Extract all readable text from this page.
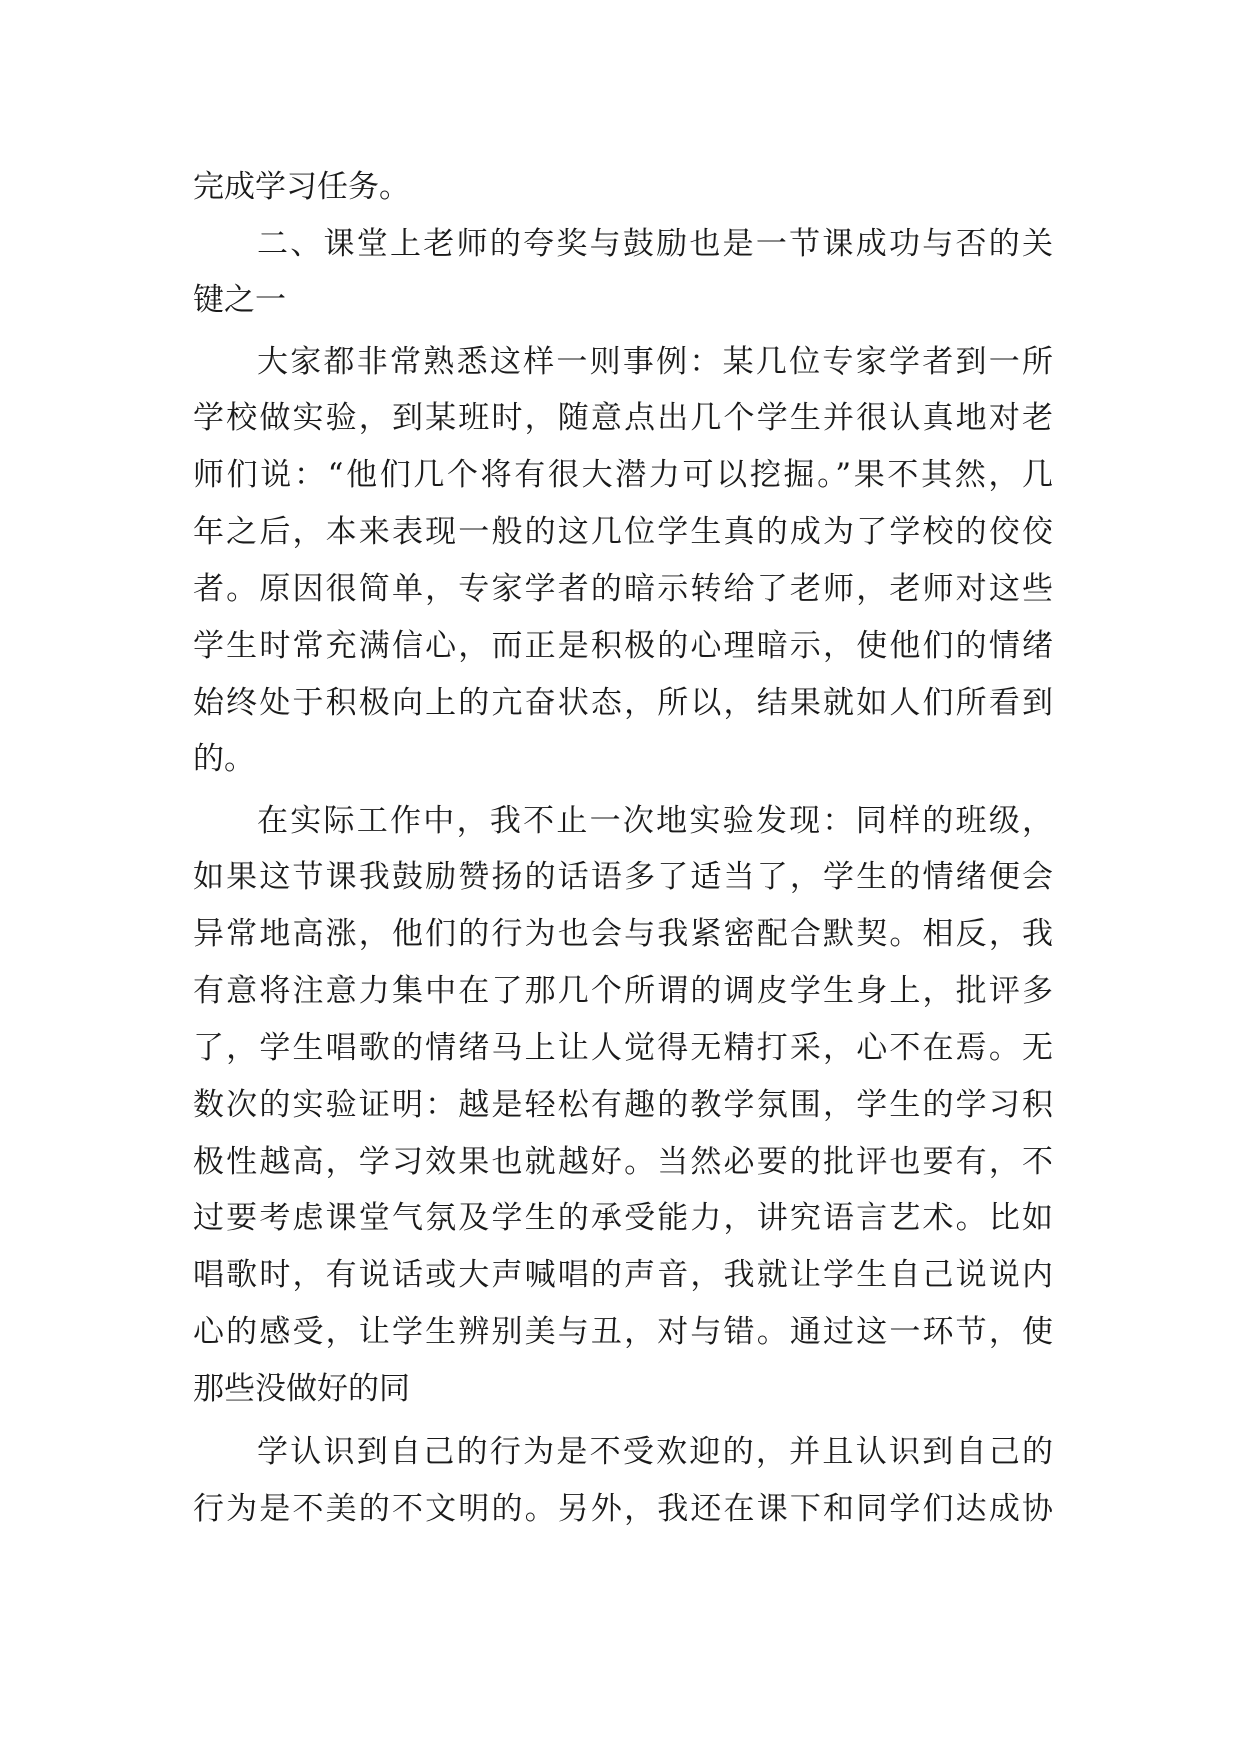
完成学习任务。
二、课堂上老师的夸奖与鼓励也是一节课成功与否的关
键之一
大家都非常熟悉这样一则事例：某几位专家学者到一所
学校做实验，到某班时，随意点出几个学生并很认真地对老
师们说：“他们几个将有很大潜力可以挖掘。”果不其然，几
年之后，本来表现一般的这几位学生真的成为了学校的佼佼
者。原因很简单，专家学者的暗示转给了老师，老师对这些
学生时常充满信心，而正是积极的心理暗示，使他们的情绪
始终处于积极向上的亢奋状态，所以，结果就如人们所看到
的。
在实际工作中，我不止一次地实验发现：同样的班级，
如果这节课我鼓励赞扬的话语多了适当了，学生的情绪便会
异常地高涨，他们的行为也会与我紧密配合默契。相反，我
有意将注意力集中在了那几个所谓的调皮学生身上，批评多
了，学生唱歌的情绪马上让人觉得无精打采，心不在焉。无
数次的实验证明：越是轻松有趣的教学氛围，学生的学习积
极性越高，学习效果也就越好。当然必要的批评也要有，不
过要考虑课堂气氛及学生的承受能力，讲究语言艺术。比如
唱歌时，有说话或大声喊唱的声音，我就让学生自己说说内
心的感受，让学生辨别美与丑，对与错。通过这一环节，使
那些没做好的同
学认识到自己的行为是不受欢迎的，并且认识到自己的
行为是不美的不文明的。另外，我还在课下和同学们达成协
